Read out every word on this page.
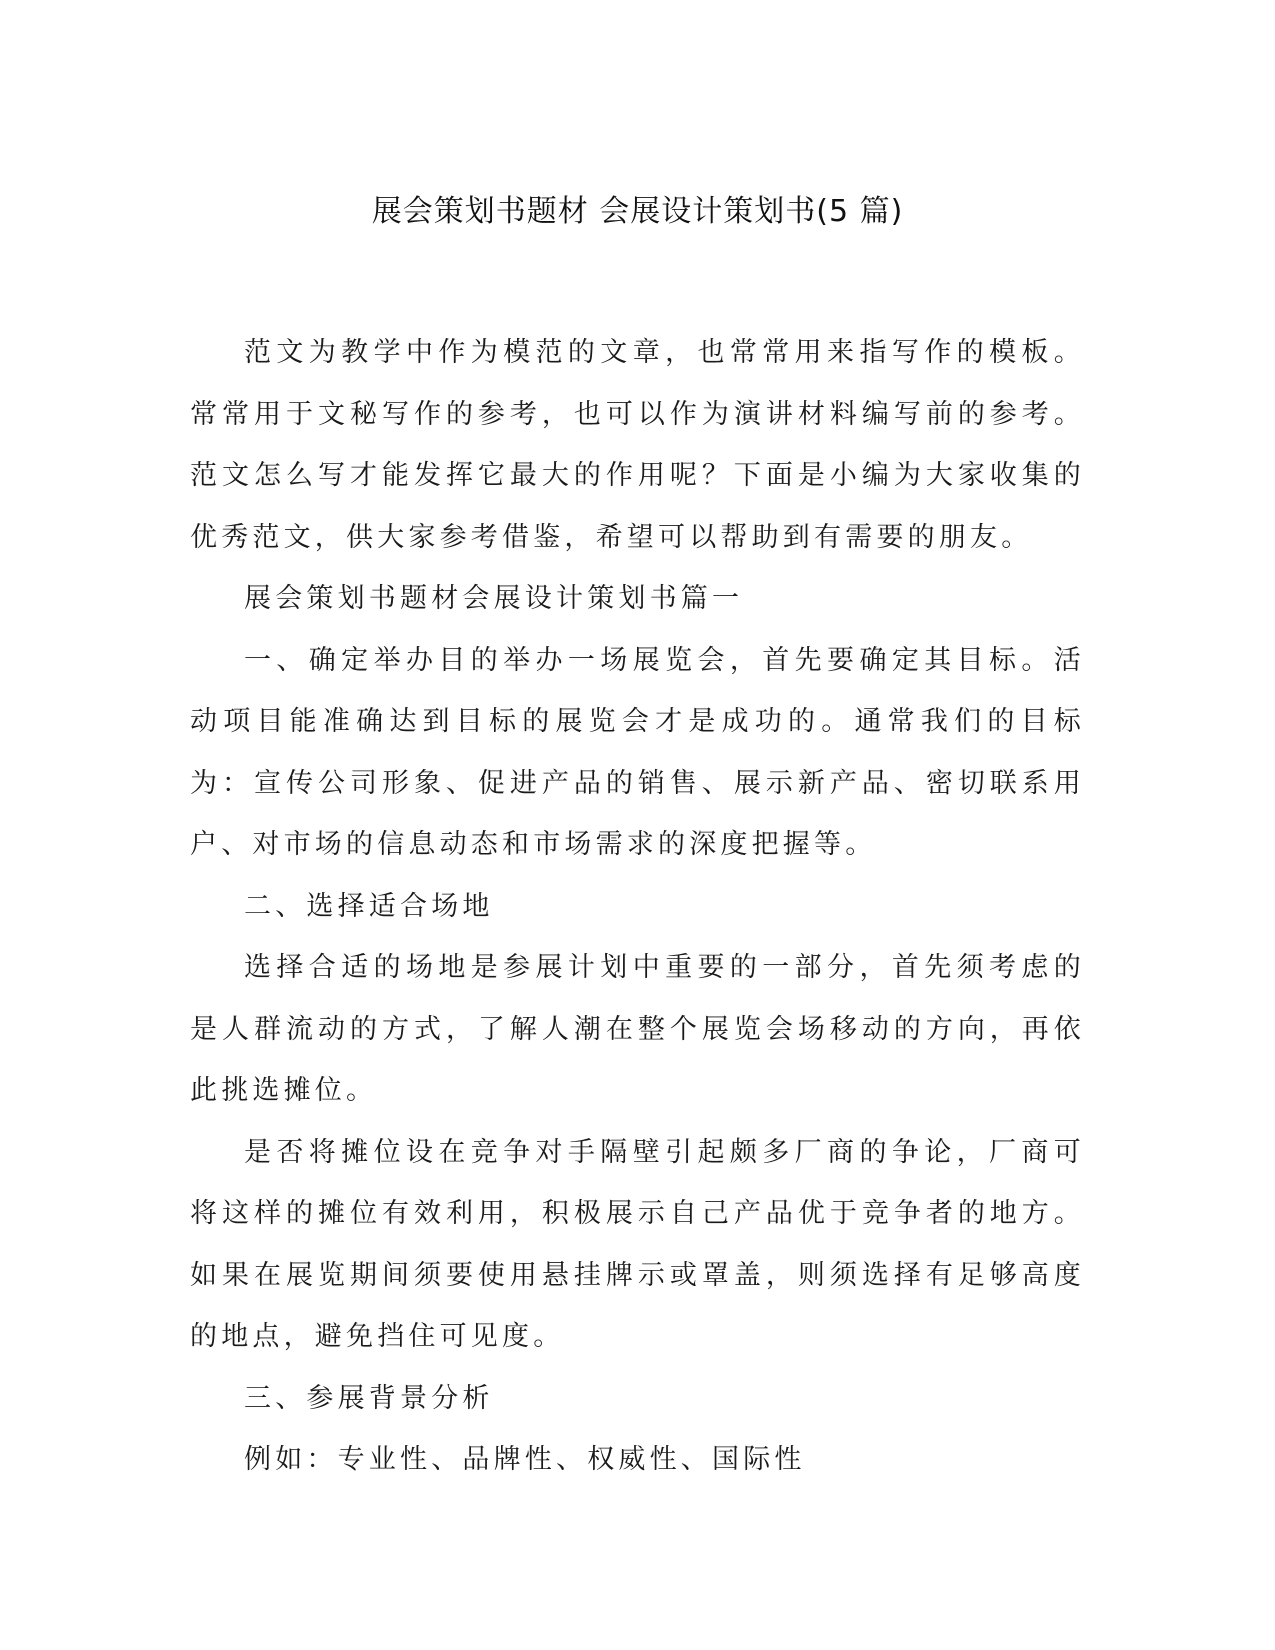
展会策划书题材 会展设计策划书(5 篇)

范文为教学中作为模范的文章，也常常用来指写作的模板。常常用于文秘写作的参考，也可以作为演讲材料编写前的参考。范文怎么写才能发挥它最大的作用呢？下面是小编为大家收集的优秀范文，供大家参考借鉴，希望可以帮助到有需要的朋友。

展会策划书题材会展设计策划书篇一

一、确定举办目的举办一场展览会，首先要确定其目标。活动项目能准确达到目标的展览会才是成功的。通常我们的目标为：宣传公司形象、促进产品的销售、展示新产品、密切联系用户、对市场的信息动态和市场需求的深度把握等。

二、选择适合场地

选择合适的场地是参展计划中重要的一部分，首先须考虑的是人群流动的方式，了解人潮在整个展览会场移动的方向，再依此挑选摊位。

是否将摊位设在竞争对手隔壁引起颇多厂商的争论，厂商可将这样的摊位有效利用，积极展示自己产品优于竞争者的地方。如果在展览期间须要使用悬挂牌示或罩盖，则须选择有足够高度的地点，避免挡住可见度。

三、参展背景分析

例如：专业性、品牌性、权威性、国际性
